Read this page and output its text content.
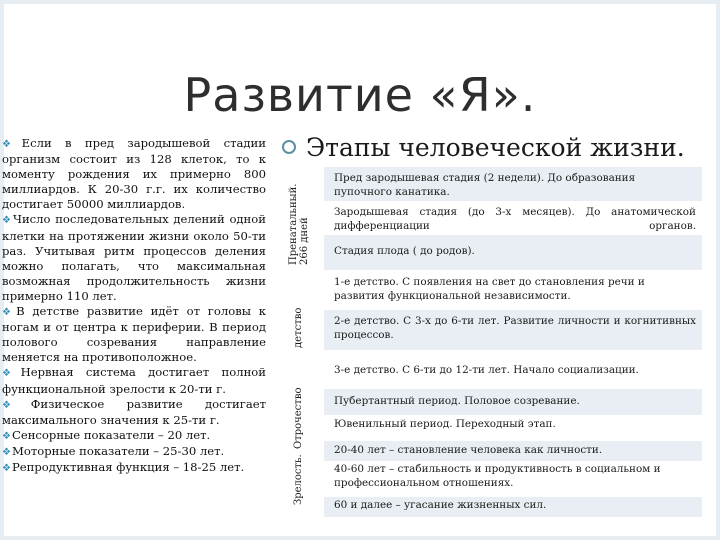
Развитие «Я».

❖Если в пред зародышевой стадии организм состоит из 128 клеток, то к моменту рождения их примерно 800 миллиардов. К 20-30 г.г. их количество достигает 50000 миллиардов.

❖Число последовательных делений одной клетки на протяжении жизни около 50-ти раз. Учитывая ритм процессов деления можно полагать, что максимальная возможная продолжительность жизни примерно 110 лет.

❖В детстве развитие идёт от головы к ногам и от центра к периферии. В период полового созревания направление меняется на противоположное.

❖Нервная система достигает полной функциональной зрелости к 20-ти г.

❖Физическое развитие достигает максимального значения к 25-ти г.

❖Сенсорные показатели – 20 лет.

❖Моторные показатели – 25-30 лет.

❖Репродуктивная функция – 18-25 лет.

Этапы человеческой жизни.
Пренатальный. 266 дней
детство
Отрочество
Зрелость.
Пред зародышевая стадия (2 недели). До образования пупочного канатика.
Зародышевая стадия (до 3-х месяцев). До анатомической дифференциации органов.
Стадия плода ( до родов).
1-е детство. С появления на свет до становления речи и развития функциональной независимости.
2-е детство. С 3-х до 6-ти лет. Развитие личности и когнитивных процессов.
3-е детство. С 6-ти до 12-ти лет. Начало социализации.
Пубертантный период. Половое созревание.
Ювенильный период. Переходный этап.
20-40 лет – становление человека как личности.
40-60 лет – стабильность и продуктивность в социальном и профессиональном отношениях.
60 и далее – угасание жизненных сил.
